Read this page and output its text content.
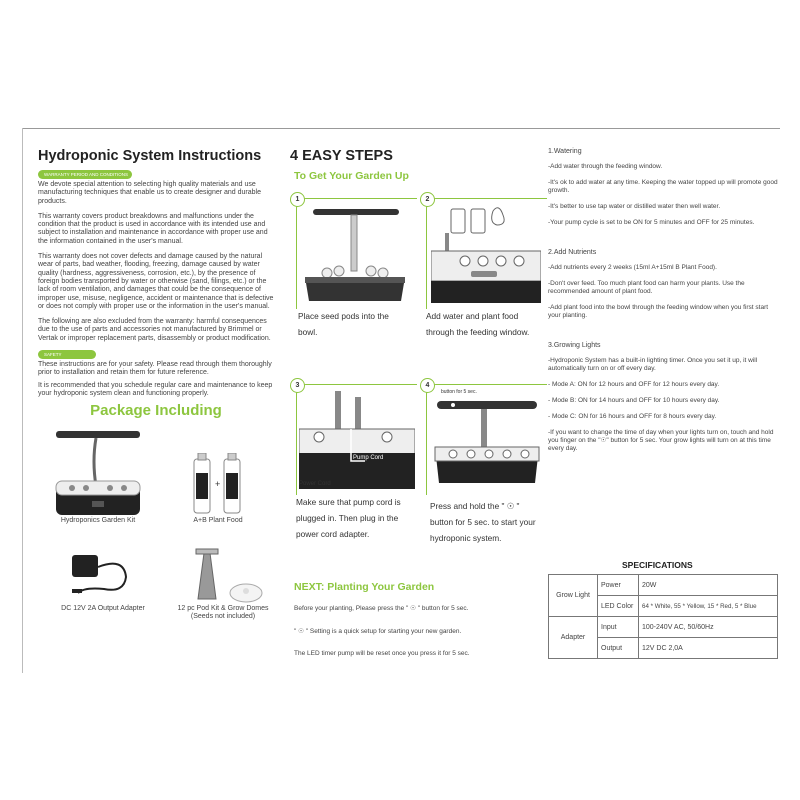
Hydroponic System Instructions
WARRANTY PERIOD AND CONDITIONS

We devote special attention to selecting high quality materials and use manufacturing techniques that enable us to create designer and durable products.

This warranty covers product breakdowns and malfunctions under the condition that the product is used in accordance with its intended use and subject to installation and maintenance in accordance with proper use and the information contained in the user's manual.

This warranty does not cover defects and damage caused by the natural wear of parts, bad weather, flooding, freezing, damage caused by water quality (hardness, aggressiveness, corrosion, etc.), by the presence of foreign bodies transported by water or otherwise (sand, filings, etc.) or the lack of room ventilation, and damages that could be the consequence of improper use, misuse, negligence, accident or maintenance that is defective or does not comply with proper use or the information in the user's manual.

The following are also excluded from the warranty: harmful consequences due to the use of parts and accessories not manufactured by Brimmel or Vertak or improper replacement parts, disassembly or product modification.

SAFETY

These instructions are for your safety. Please read through them thoroughly prior to installation and retain them for future reference.

It is recommended that you schedule regular care and maintenance to keep your hydroponic system clean and functioning properly.

Package Including
Hydroponics Garden Kit
+
A+B Plant Food
DC 12V 2A Output Adapter	12 pc Pod Kit & Grow Domes
(Seeds not included)
4 EASY STEPS
To Get Your Garden Up
1
Place seed pods into the bowl.
2
Add water and plant food through the feeding window.
3
Pump Cord
Power Cord
Make sure that pump cord is plugged in. Then plug in the power cord adapter.
4
button for 5 sec.
Press and hold the " ☉ " button for 5 sec. to start your hydroponic system.
NEXT: Planting Your Garden
Before your planting, Please press the " ☉ " button for 5 sec.
" ☉ " Setting is a quick setup for starting your new garden.
The LED timer pump will be reset once you press it for 5 sec.
1.Watering
-Add water through the feeding window.
-It's ok to add water at any time. Keeping the water topped up will promote good growth.
-It's better to use tap water or distilled water then well water.
-Your pump cycle is set to be ON for 5 minutes and OFF for 25 minutes.
2.Add Nutrients
-Add nutrients every 2 weeks (15ml A+15ml B Plant Food).
-Don't over feed. Too much plant food can harm your plants. Use the recommended amount of plant food.
-Add plant food into the bowl through the feeding window when you first start your planting.
3.Growing Lights
-Hydroponic System has a built-in lighting timer. Once you set it up, it will automatically turn on or off every day.
- Mode A: ON for 12 hours and OFF for 12 hours every day.
- Mode B: ON for 14 hours and OFF for 10 hours every day.
- Mode C: ON for 16 hours and OFF for 8 hours every day.
-If you want to change the time of day when your lights turn on, touch and hold you finger on the "☉" button for 5 sec. Your grow lights will turn on at this time every day.
SPECIFICATIONS
Grow Light	Power	20W
	LED Color	64 * White, 55 * Yellow, 15 * Red, 5 * Blue
Adapter	Input	100-240V AC, 50/60Hz
	Output	12V DC 2,0A
